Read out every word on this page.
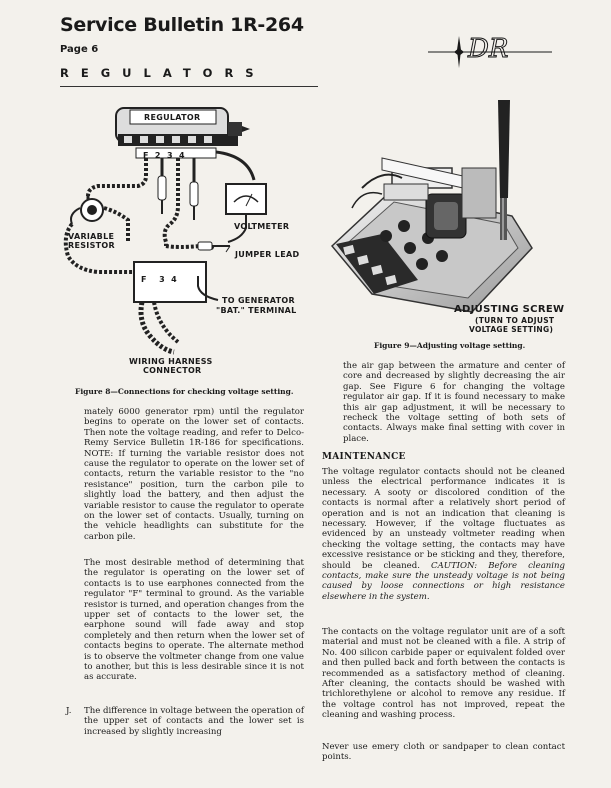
Service Bulletin 1R-264
Page 6
REGULATORS
DR
REGULATOR
F  2  3  4
VOLTMETER
VARIABLE
RESISTOR
JUMPER LEAD
F    3  4
TO GENERATOR
"BAT." TERMINAL
WIRING HARNESS
CONNECTOR
Figure 8—Connections for checking voltage setting.
ADJUSTING SCREW
(TURN TO ADJUST
VOLTAGE SETTING)
Figure 9—Adjusting voltage setting.

mately 6000 generator rpm) until the regulator begins to operate on the lower set of contacts. Then note the voltage reading, and refer to Delco-Remy Service Bulletin 1R-186 for specifications. NOTE: If turning the variable resistor does not cause the regulator to operate on the lower set of contacts, return the variable resistor to the "no resistance" position, turn the carbon pile to slightly load the battery, and then adjust the variable resistor to cause the regulator to operate on the lower set of contacts. Usually, turning on the vehicle headlights can substitute for the carbon pile.

The most desirable method of determining that the regulator is operating on the lower set of contacts is to use earphones connected from the regulator "F" terminal to ground. As the variable resistor is turned, and operation changes from the upper set of contacts to the lower set, the earphone sound will fade away and stop completely and then return when the lower set of contacts begins to operate. The alternate method is to observe the voltmeter change from one value to another, but this is less desirable since it is not as accurate.

J.	The difference in voltage between the operation of the upper set of contacts and the lower set is increased by slightly increasing

the air gap between the armature and center of core and decreased by slightly decreasing the air gap. See Figure 6 for changing the voltage regulator air gap. If it is found necessary to make this air gap adjustment, it will be necessary to recheck the voltage setting of both sets of contacts. Always make final setting with cover in place.

MAINTENANCE

The voltage regulator contacts should not be cleaned unless the electrical performance indicates it is necessary. A sooty or discolored condition of the contacts is normal after a relatively short period of operation and is not an indication that cleaning is necessary. However, if the voltage fluctuates as evidenced by an unsteady voltmeter reading when checking the voltage setting, the contacts may have excessive resistance or be sticking and they, therefore, should be cleaned. CAUTION: Before cleaning contacts, make sure the unsteady voltage is not being caused by loose connections or high resistance elsewhere in the system.

The contacts on the voltage regulator unit are of a soft material and must not be cleaned with a file. A strip of No. 400 silicon carbide paper or equivalent folded over and then pulled back and forth between the contacts is recommended as a satisfactory method of cleaning. After cleaning, the contacts should be washed with trichlorethylene or alcohol to remove any residue. If the voltage control has not improved, repeat the cleaning and washing process.

Never use emery cloth or sandpaper to clean contact points.
